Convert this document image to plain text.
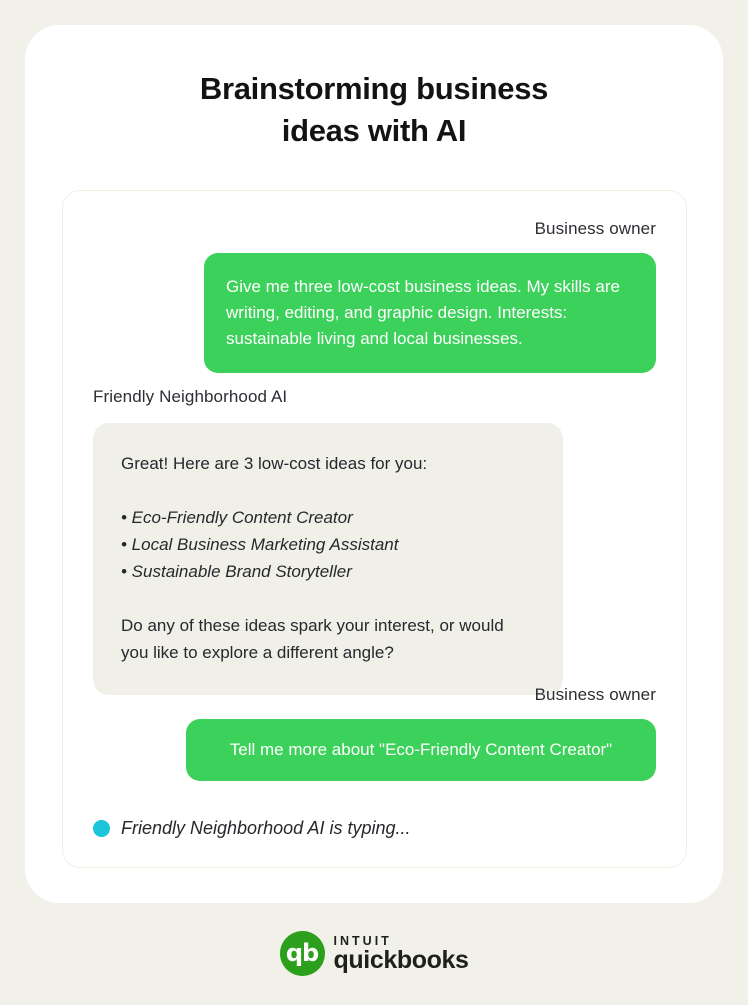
Brainstorming business
ideas with AI
Business owner
Give me three low-cost business ideas. My skills are writing, editing, and graphic design. Interests: sustainable living and local businesses.
Friendly Neighborhood AI

Great! Here are 3 low-cost ideas for you:

• Eco-Friendly Content Creator
• Local Business Marketing Assistant
• Sustainable Brand Storyteller

Do any of these ideas spark your interest, or would you like to explore a different angle?

Business owner
Tell me more about "Eco-Friendly Content Creator"
Friendly Neighborhood AI is typing...
qb	INTUIT
quickbooks
